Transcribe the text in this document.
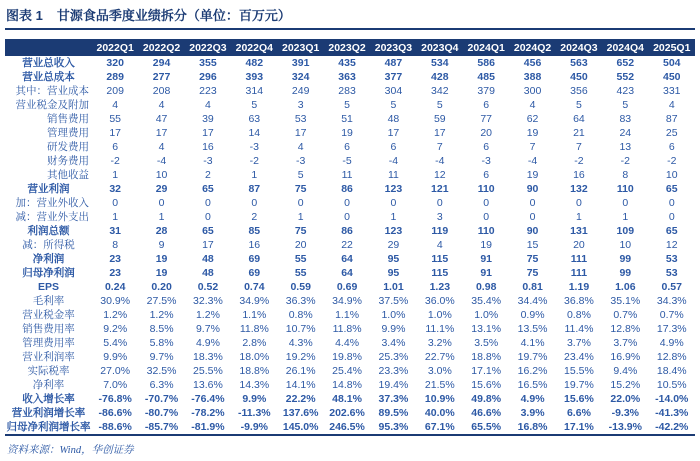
图表 1 甘源食品季度业绩拆分（单位：百万元）
	2022Q1	2022Q2	2022Q3	2022Q4	2023Q1	2023Q2	2023Q3	2023Q4	2024Q1	2024Q2	2024Q3	2024Q4	2025Q1
营业总收入	320	294	355	482	391	435	487	534	586	456	563	652	504
营业总成本	289	277	296	393	324	363	377	428	485	388	450	552	450
其中：营业成本	209	208	223	314	249	283	304	342	379	300	356	423	331
营业税金及附加	4	4	4	5	3	5	5	5	6	4	5	5	4
销售费用	55	47	39	63	53	51	48	59	77	62	64	83	87
管理费用	17	17	17	14	17	19	17	17	20	19	21	24	25
研发费用	6	4	16	-3	4	6	6	7	6	7	7	13	6
财务费用	-2	-4	-3	-2	-3	-5	-4	-4	-3	-4	-2	-2	-2
其他收益	1	10	2	1	5	11	11	12	6	19	16	8	10
营业利润	32	29	65	87	75	86	123	121	110	90	132	110	65
加：营业外收入	0	0	0	0	0	0	0	0	0	0	0	0	0
减：营业外支出	1	1	0	2	1	0	1	3	0	0	1	1	0
利润总额	31	28	65	85	75	86	123	119	110	90	131	109	65
减：所得税	8	9	17	16	20	22	29	4	19	15	20	10	12
净利润	23	19	48	69	55	64	95	115	91	75	111	99	53
归母净利润	23	19	48	69	55	64	95	115	91	75	111	99	53
EPS	0.24	0.20	0.52	0.74	0.59	0.69	1.01	1.23	0.98	0.81	1.19	1.06	0.57
毛利率	30.9%	27.5%	32.3%	34.9%	36.3%	34.9%	37.5%	36.0%	35.4%	34.4%	36.8%	35.1%	34.3%
营业税金率	1.2%	1.2%	1.2%	1.1%	0.8%	1.1%	1.0%	1.0%	1.0%	0.9%	0.8%	0.7%	0.7%
销售费用率	9.2%	8.5%	9.7%	11.8%	10.7%	11.8%	9.9%	11.1%	13.1%	13.5%	11.4%	12.8%	17.3%
管理费用率	5.4%	5.8%	4.9%	2.8%	4.3%	4.4%	3.4%	3.2%	3.5%	4.1%	3.7%	3.7%	4.9%
营业利润率	9.9%	9.7%	18.3%	18.0%	19.2%	19.8%	25.3%	22.7%	18.8%	19.7%	23.4%	16.9%	12.8%
实际税率	27.0%	32.5%	25.5%	18.8%	26.1%	25.4%	23.3%	3.0%	17.1%	16.2%	15.5%	9.4%	18.4%
净利率	7.0%	6.3%	13.6%	14.3%	14.1%	14.8%	19.4%	21.5%	15.6%	16.5%	19.7%	15.2%	10.5%
收入增长率	-76.8%	-70.7%	-76.4%	9.9%	22.2%	48.1%	37.3%	10.9%	49.8%	4.9%	15.6%	22.0%	-14.0%
营业利润增长率	-86.6%	-80.7%	-78.2%	-11.3%	137.6%	202.6%	89.5%	40.0%	46.6%	3.9%	6.6%	-9.3%	-41.3%
归母净利润增长率	-88.6%	-85.7%	-81.9%	-9.9%	145.0%	246.5%	95.3%	67.1%	65.5%	16.8%	17.1%	-13.9%	-42.2%
资料来源：Wind，华创证券
